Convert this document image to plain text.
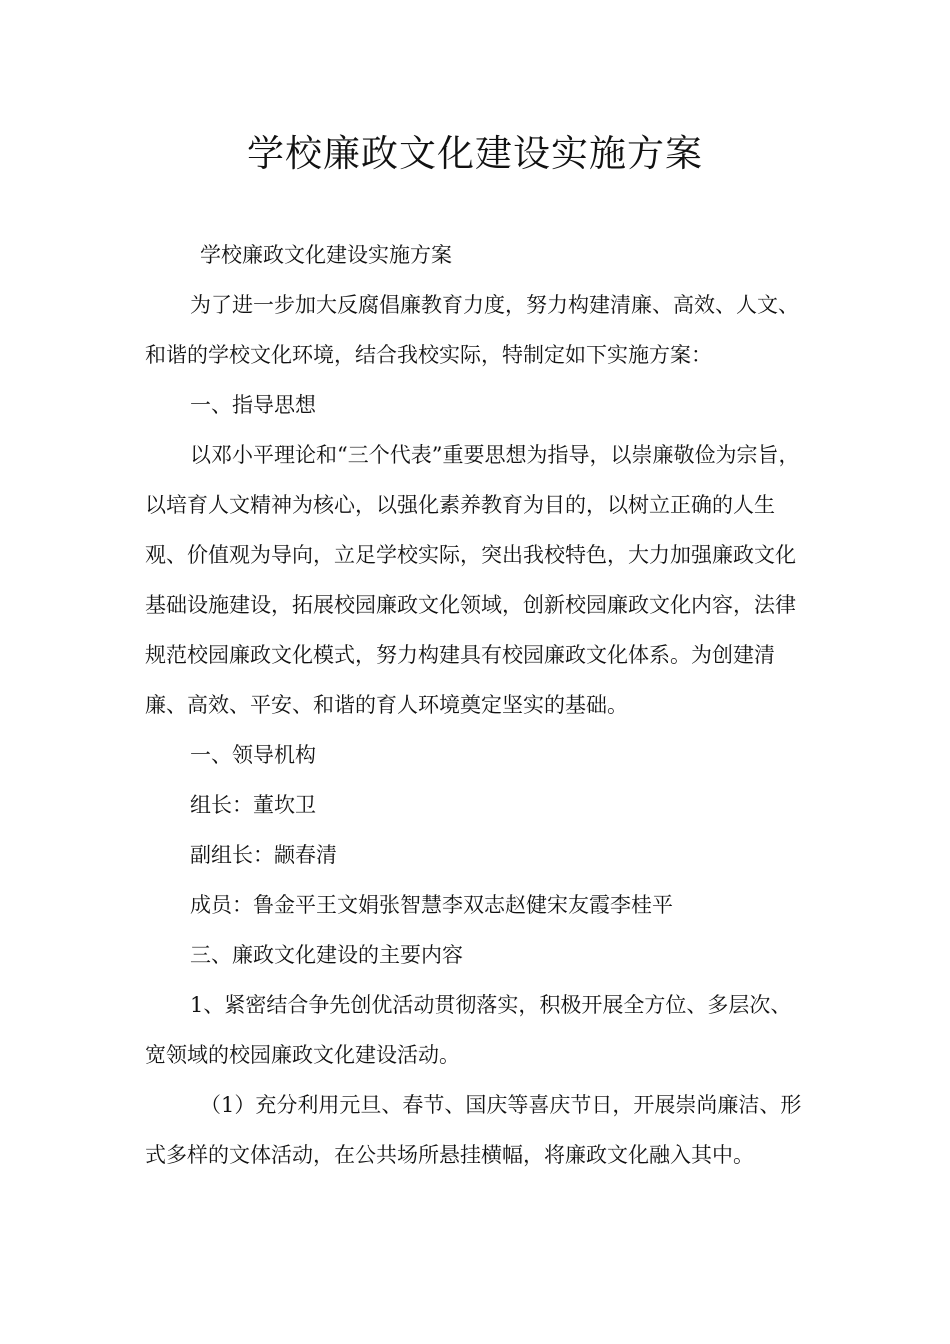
学校廉政文化建设实施方案

学校廉政文化建设实施方案

为了进一步加大反腐倡廉教育力度，努力构建清廉、高效、人文、和谐的学校文化环境，结合我校实际，特制定如下实施方案：

一、指导思想

以邓小平理论和“三个代表”重要思想为指导，以崇廉敬俭为宗旨，以培育人文精神为核心，以强化素养教育为目的，以树立正确的人生观、价值观为导向，立足学校实际，突出我校特色，大力加强廉政文化基础设施建设，拓展校园廉政文化领域，创新校园廉政文化内容，法律规范校园廉政文化模式，努力构建具有校园廉政文化体系。为创建清廉、高效、平安、和谐的育人环境奠定坚实的基础。

一、领导机构

组长：董坎卫

副组长：颛春清

成员：鲁金平王文娟张智慧李双志赵健宋友霞李桂平

三、廉政文化建设的主要内容

1、紧密结合争先创优活动贯彻落实，积极开展全方位、多层次、宽领域的校园廉政文化建设活动。

（1）充分利用元旦、春节、国庆等喜庆节日，开展崇尚廉洁、形式多样的文体活动，在公共场所悬挂横幅，将廉政文化融入其中。
